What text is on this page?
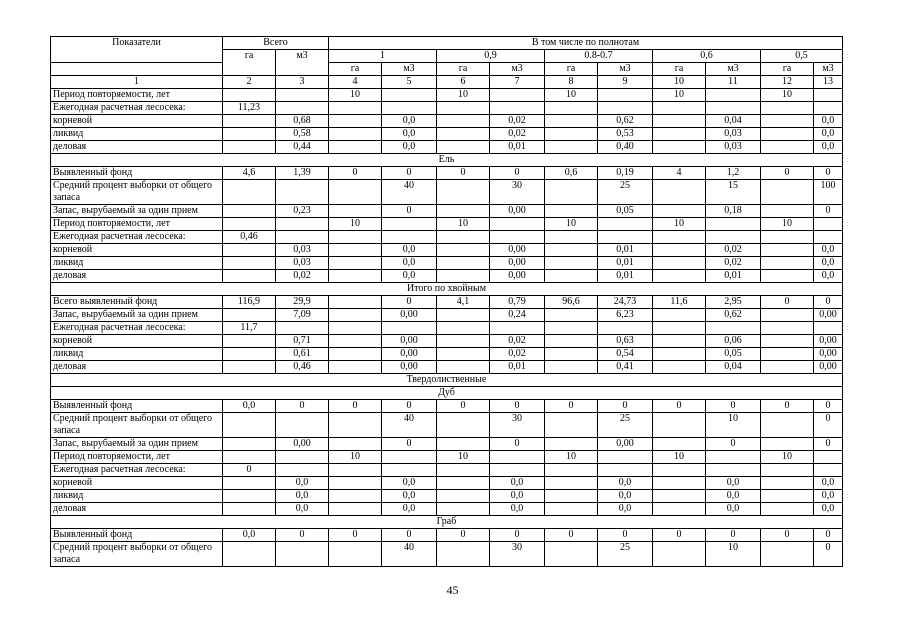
Показатели	Всего		В том числе по полнотам									
	га	м3	1		0,9		0.8-0.7		0,6		0,5	
			га	м3	га	м3	га	м3	га	м3	га	м3
1	2	3	4	5	6	7	8	9	10	11	12	13
Период повторяемости, лет			10		10		10		10		10	
Ежегодная расчетная лесосека:	11,23											
корневой		0,68		0,0		0,02		0,62		0,04		0,0
ликвид		0,58		0,0		0,02		0,53		0,03		0,0
деловая		0,44		0,0		0,01		0,40		0,03		0,0
Ель												
Выявленный фонд	4,6	1,39	0	0	0	0	0,6	0,19	4	1,2	0	0
Средний процент выборки от общего запаса				40		30		25		15		100
Запас, вырубаемый за один прием		0,23		0		0,00		0,05		0,18		0
Период повторяемости, лет			10		10		10		10		10	
Ежегодная расчетная лесосека:	0,46											
корневой		0,03		0,0		0,00		0,01		0,02		0,0
ликвид		0,03		0,0		0,00		0,01		0,02		0,0
деловая		0,02		0,0		0,00		0,01		0,01		0,0
Итого по хвойным												
Всего выявленный фонд	116,9	29,9		0	4,1	0,79	96,6	24,73	11,6	2,95	0	0
Запас, вырубаемый за один прием		7,09		0,00		0,24		6,23		0,62		0,00
Ежегодная расчетная лесосека:	11,7											
корневой		0,71		0,00		0,02		0,63		0,06		0,00
ликвид		0,61		0,00		0,02		0,54		0,05		0,00
деловая		0,46		0,00		0,01		0,41		0,04		0,00
Твердолиственные												
Дуб												
Выявленный фонд	0,0	0	0	0	0	0	0	0	0	0	0	0
Средний процент выборки от общего запаса				40		30		25		10		0
Запас, вырубаемый за один прием		0,00		0		0		0,00		0		0
Период повторяемости, лет			10		10		10		10		10	
Ежегодная расчетная лесосека:	0											
корневой		0,0		0,0		0,0		0,0		0,0		0,0
ликвид		0,0		0,0		0,0		0,0		0,0		0,0
деловая		0,0		0,0		0,0		0,0		0,0		0,0
Граб												
Выявленный фонд	0,0	0	0	0	0	0	0	0	0	0	0	0
Средний процент выборки от общего запаса				40		30		25		10		0
45
